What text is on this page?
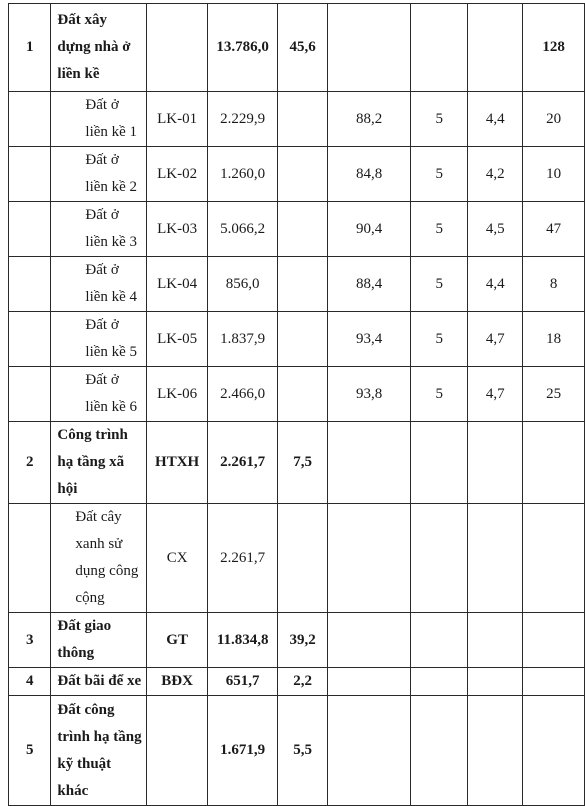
1	Đất xây dựng nhà ở liền kề		13.786,0	45,6				128
	Đất ở liền kề 1	LK-01	2.229,9		88,2	5	4,4	20
	Đất ở liền kề 2	LK-02	1.260,0		84,8	5	4,2	10
	Đất ở liền kề 3	LK-03	5.066,2		90,4	5	4,5	47
	Đất ở liền kề 4	LK-04	856,0		88,4	5	4,4	8
	Đất ở liền kề 5	LK-05	1.837,9		93,4	5	4,7	18
	Đất ở liền kề 6	LK-06	2.466,0		93,8	5	4,7	25
2	Công trình hạ tầng xã hội	HTXH	2.261,7	7,5				
	Đất cây xanh sử dụng công cộng	CX	2.261,7					
3	Đất giao thông	GT	11.834,8	39,2				
4	Đất bãi để xe	BĐX	651,7	2,2				
5	Đất công trình hạ tầng kỹ thuật khác		1.671,9	5,5				
